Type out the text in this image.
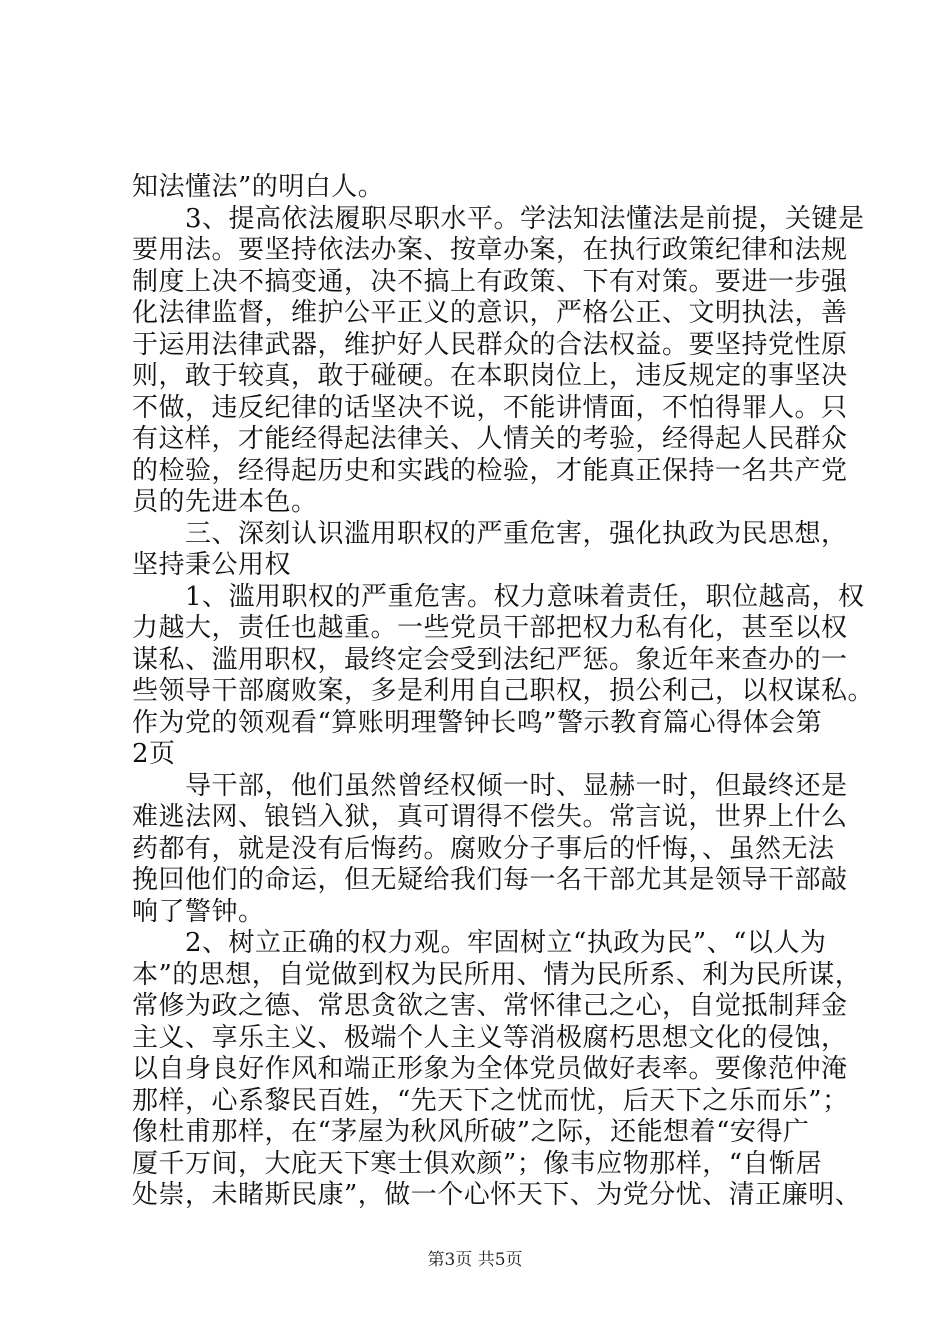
知法懂法”的明白人。
　　3、提高依法履职尽职水平。学法知法懂法是前提，关键是
要用法。要坚持依法办案、按章办案，在执行政策纪律和法规
制度上决不搞变通，决不搞上有政策、下有对策。要进一步强
化法律监督，维护公平正义的意识，严格公正、文明执法，善
于运用法律武器，维护好人民群众的合法权益。要坚持党性原
则，敢于较真，敢于碰硬。在本职岗位上，违反规定的事坚决
不做，违反纪律的话坚决不说，不能讲情面，不怕得罪人。只
有这样，才能经得起法律关、人情关的考验，经得起人民群众
的检验，经得起历史和实践的检验，才能真正保持一名共产党
员的先进本色。
　　三、深刻认识滥用职权的严重危害，强化执政为民思想，
坚持秉公用权
　　1、滥用职权的严重危害。权力意味着责任，职位越高，权
力越大，责任也越重。一些党员干部把权力私有化，甚至以权
谋私、滥用职权，最终定会受到法纪严惩。象近年来查办的一
些领导干部腐败案，多是利用自己职权，损公利己，以权谋私。
作为党的领观看“算账明理警钟长鸣”警示教育篇心得体会第
2页
　　导干部，他们虽然曾经权倾一时、显赫一时，但最终还是
难逃法网、锒铛入狱，真可谓得不偿失。常言说，世界上什么
药都有，就是没有后悔药。腐败分子事后的忏悔，、虽然无法
挽回他们的命运，但无疑给我们每一名干部尤其是领导干部敲
响了警钟。
　　2、树立正确的权力观。牢固树立“执政为民”、“以人为
本”的思想，自觉做到权为民所用、情为民所系、利为民所谋，
常修为政之德、常思贪欲之害、常怀律己之心，自觉抵制拜金
主义、享乐主义、极端个人主义等消极腐朽思想文化的侵蚀，
以自身良好作风和端正形象为全体党员做好表率。要像范仲淹
那样，心系黎民百姓，“先天下之忧而忧，后天下之乐而乐”；
像杜甫那样，在“茅屋为秋风所破”之际，还能想着“安得广
厦千万间，大庇天下寒士俱欢颜”；像韦应物那样，“自惭居
处崇，未睹斯民康”，做一个心怀天下、为党分忧、清正廉明、
第3页 共5页
